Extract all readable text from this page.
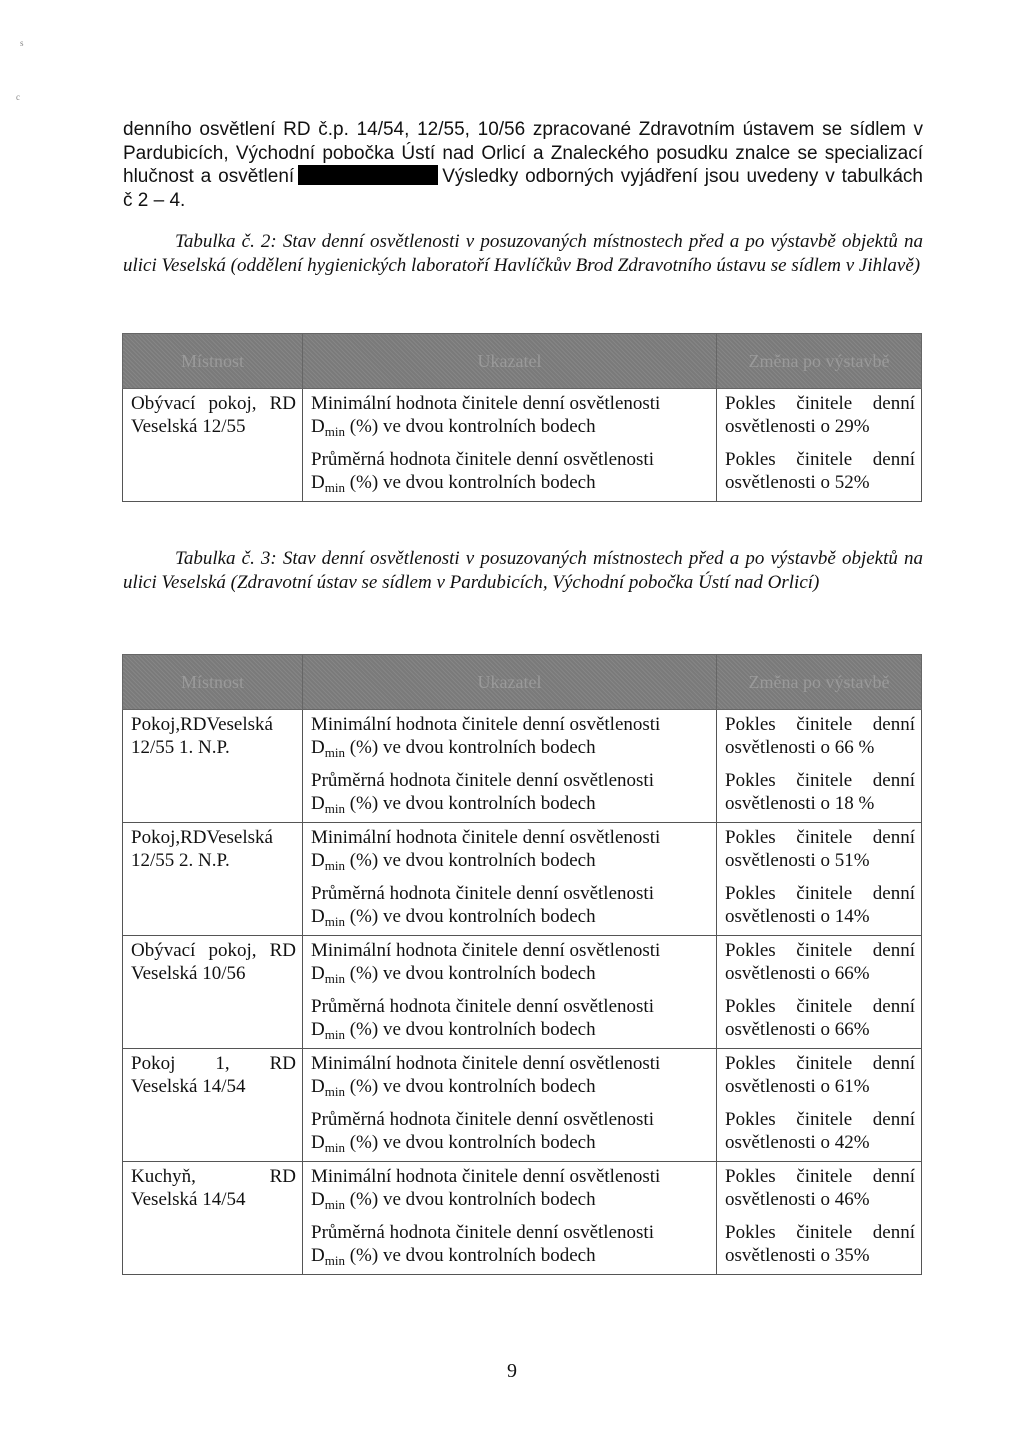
s
c

denního osvětlení RD č.p. 14/54, 12/55, 10/56 zpracované Zdravotním ústavem se sídlem v Pardubicích, Východní pobočka Ústí nad Orlicí a Znaleckého posudku znalce se specializací hlučnost a osvětlení	Výsledky odborných vyjádření jsou uvedeny v tabulkách č 2 – 4.

Tabulka č. 2: Stav denní osvětlenosti v posuzovaných místnostech před a po výstavbě objektů na ulici Veselská (oddělení hygienických laboratoří Havlíčkův Brod Zdravotního ústavu se sídlem v Jihlavě)
Místnost	Ukazatel	Změna po výstavbě
Obývací pokoj, RD Veselská 12/55	Minimální hodnota činitele denní osvětlenosti
$D_{min}$ (%) ve dvou kontrolních bodech	Pokles činitele denní osvětlenosti o 29%
	Průměrná hodnota činitele denní osvětlenosti
$D_{min}$ (%) ve dvou kontrolních bodech	Pokles činitele denní osvětlenosti o 52%
Tabulka č. 3: Stav denní osvětlenosti v posuzovaných místnostech před a po výstavbě objektů na ulici Veselská (Zdravotní ústav se sídlem v Pardubicích, Východní pobočka Ústí nad Orlicí)
Místnost	Ukazatel	Změna po výstavbě
Pokoj,RDVeselská 12/55 1. N.P.	Minimální hodnota činitele denní osvětlenosti
$D_{min}$ (%) ve dvou kontrolních bodech	Pokles činitele denní osvětlenosti o 66 %
	Průměrná hodnota činitele denní osvětlenosti
$D_{min}$ (%) ve dvou kontrolních bodech	Pokles činitele denní osvětlenosti o 18 %
Pokoj,RDVeselská 12/55 2. N.P.	Minimální hodnota činitele denní osvětlenosti
$D_{min}$ (%) ve dvou kontrolních bodech	Pokles činitele denní osvětlenosti o 51%
	Průměrná hodnota činitele denní osvětlenosti
$D_{min}$ (%) ve dvou kontrolních bodech	Pokles činitele denní osvětlenosti o 14%
Obývací pokoj, RD Veselská 10/56	Minimální hodnota činitele denní osvětlenosti
$D_{min}$ (%) ve dvou kontrolních bodech	Pokles činitele denní osvětlenosti o 66%
	Průměrná hodnota činitele denní osvětlenosti
$D_{min}$ (%) ve dvou kontrolních bodech	Pokles činitele denní osvětlenosti o 66%
Pokoj 1, RD Veselská 14/54	Minimální hodnota činitele denní osvětlenosti
$D_{min}$ (%) ve dvou kontrolních bodech	Pokles činitele denní osvětlenosti o 61%
	Průměrná hodnota činitele denní osvětlenosti
$D_{min}$ (%) ve dvou kontrolních bodech	Pokles činitele denní osvětlenosti o 42%
Kuchyň, RD Veselská 14/54	Minimální hodnota činitele denní osvětlenosti
$D_{min}$ (%) ve dvou kontrolních bodech	Pokles činitele denní osvětlenosti o 46%
	Průměrná hodnota činitele denní osvětlenosti
$D_{min}$ (%) ve dvou kontrolních bodech	Pokles činitele denní osvětlenosti o 35%
9
